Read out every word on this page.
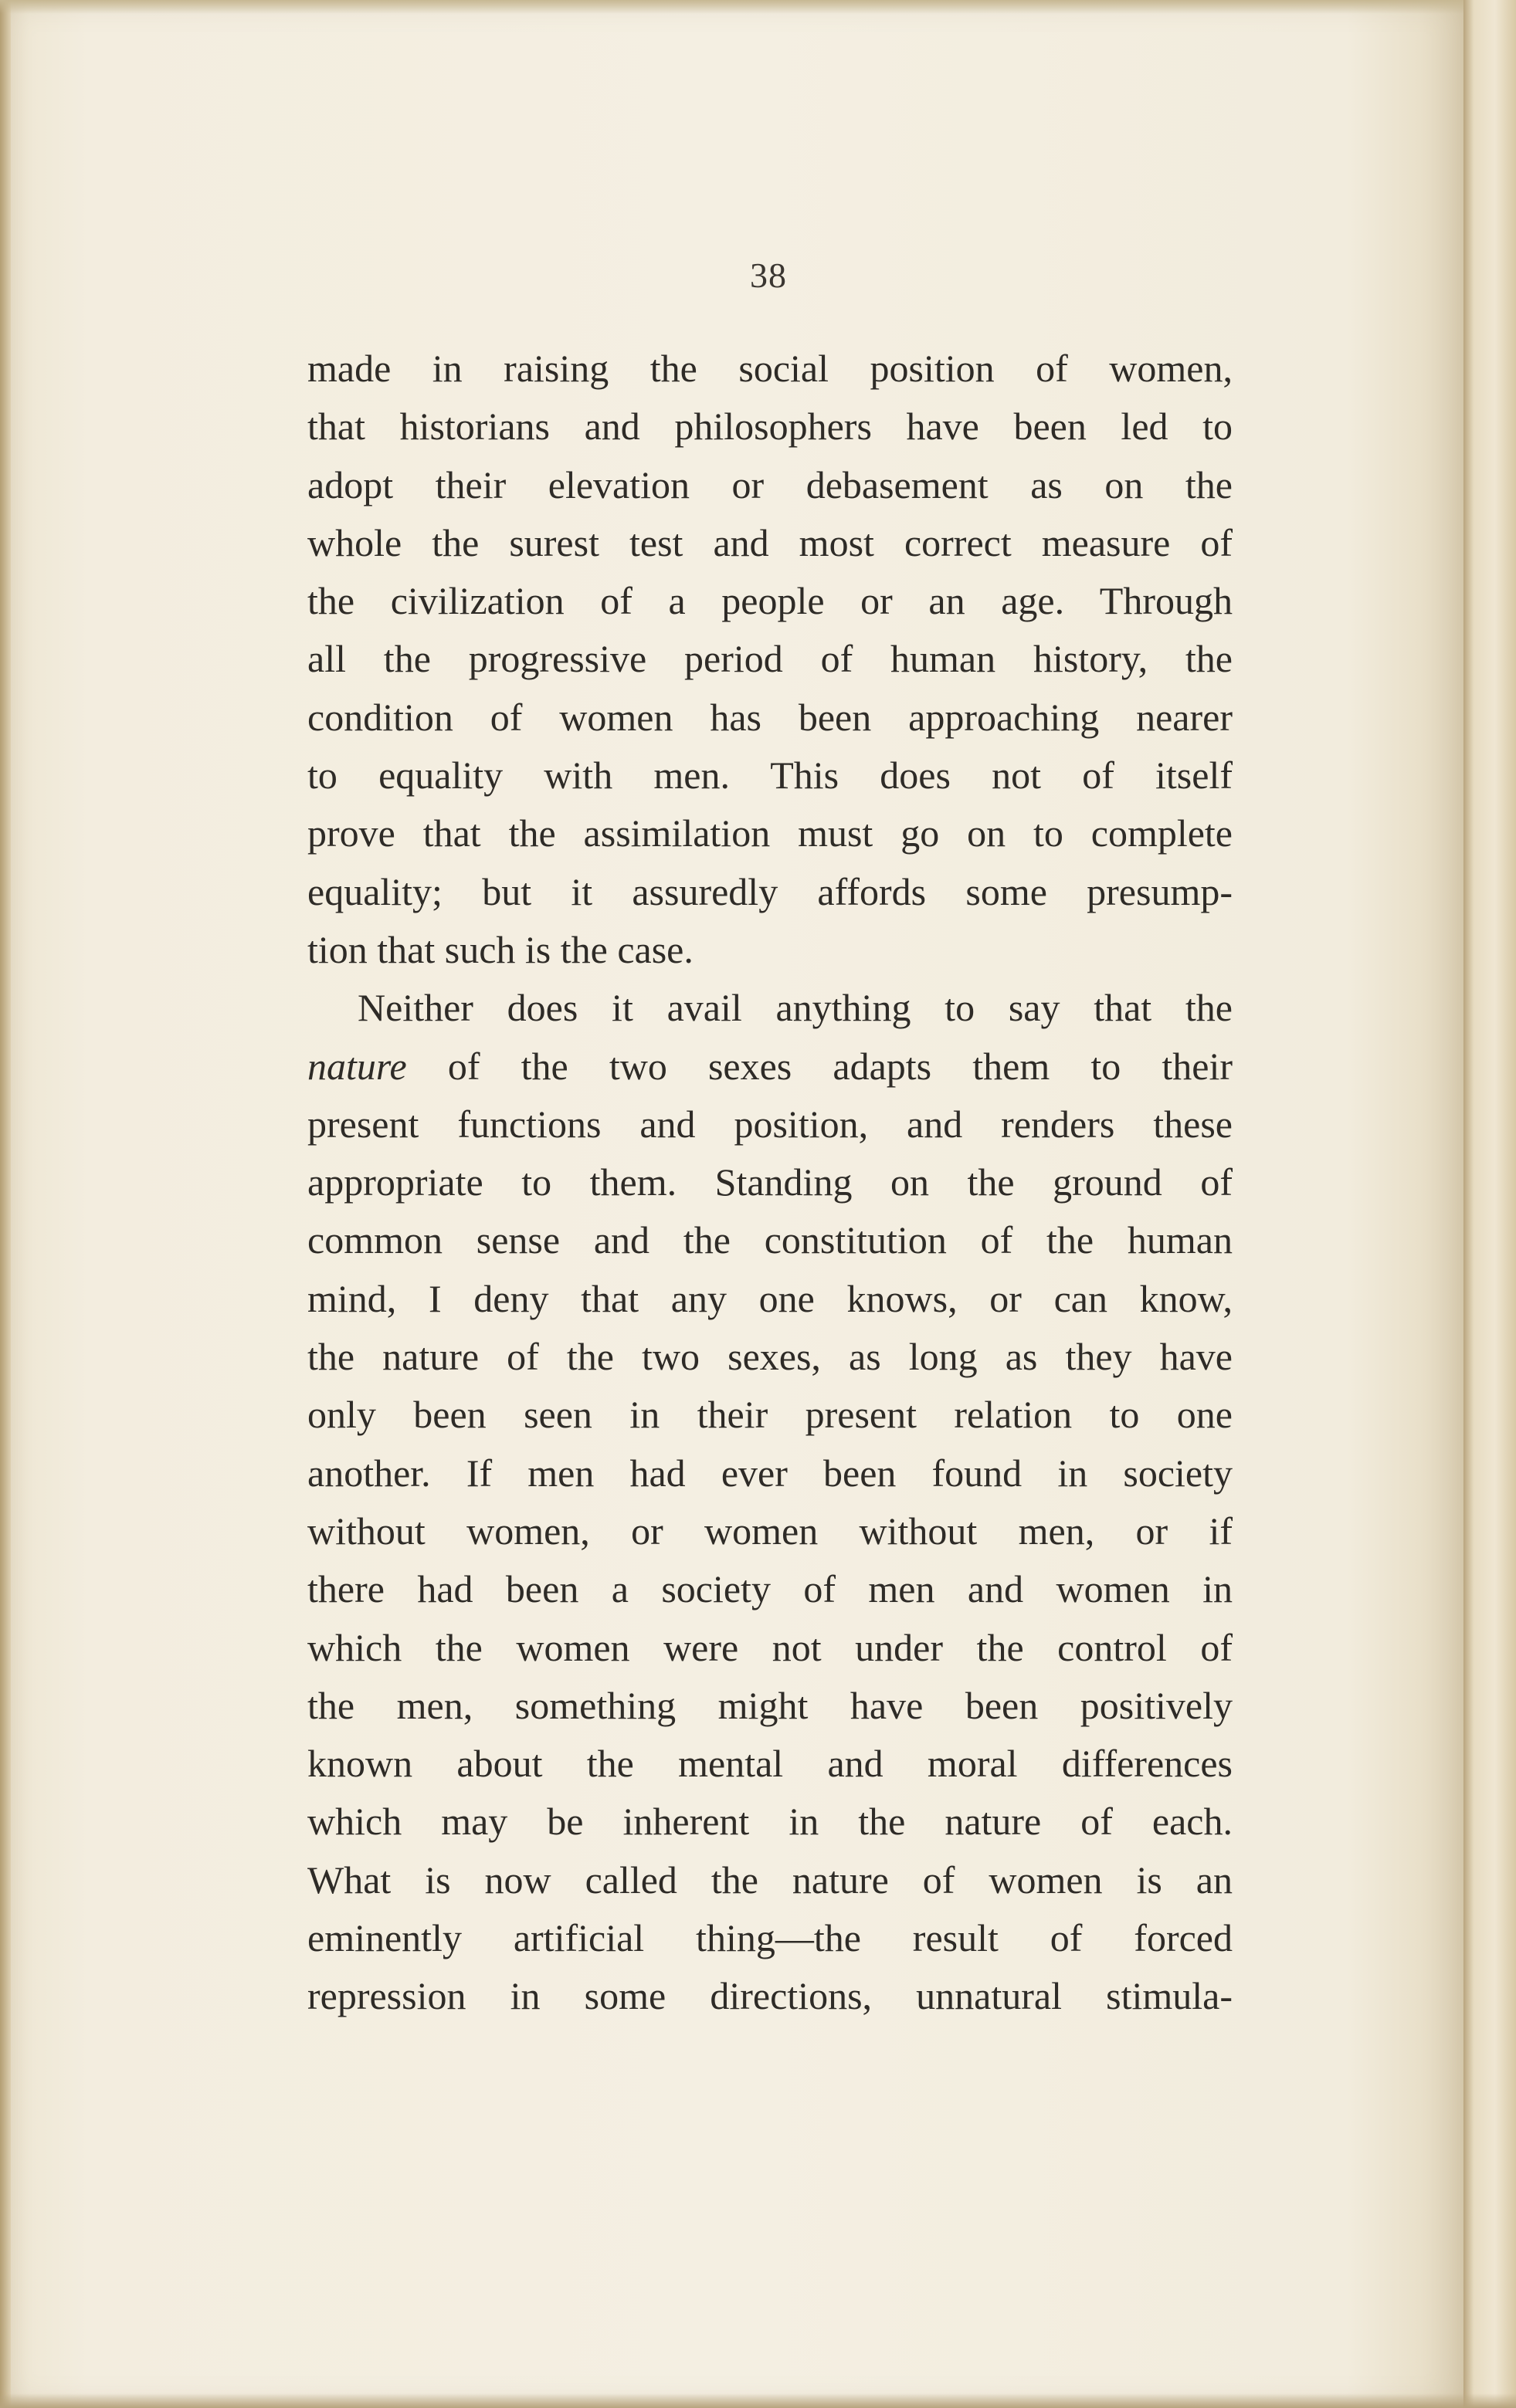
38
made in raising the social position of women,
that historians and philosophers have been led to
adopt their elevation or debasement as on the
whole the surest test and most correct measure of
the civilization of a people or an age. Through
all the progressive period of human history, the
condition of women has been approaching nearer
to equality with men. This does not of itself
prove that the assimilation must go on to complete
equality; but it assuredly affords some presump-
tion that such is the case.
Neither does it avail anything to say that the
nature of the two sexes adapts them to their
present functions and position, and renders these
appropriate to them. Standing on the ground of
common sense and the constitution of the human
mind, I deny that any one knows, or can know,
the nature of the two sexes, as long as they have
only been seen in their present relation to one
another. If men had ever been found in society
without women, or women without men, or if
there had been a society of men and women in
which the women were not under the control of
the men, something might have been positively
known about the mental and moral differences
which may be inherent in the nature of each.
What is now called the nature of women is an
eminently artificial thing—the result of forced
repression in some directions, unnatural stimula-
